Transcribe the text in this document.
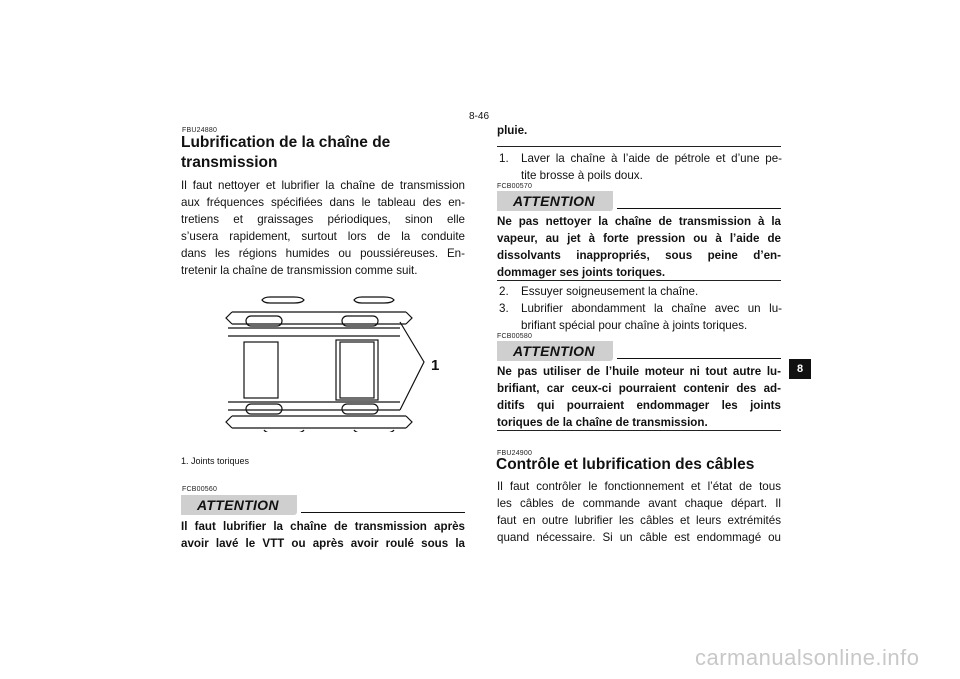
FBU24880
Lubrification de la chaîne de
transmission
Il faut nettoyer et lubrifier la chaîne de transmission
aux fréquences spécifiées dans le tableau des en-
tretiens et graissages périodiques, sinon elle
s’usera rapidement, surtout lors de la conduite
dans les régions humides ou poussiéreuses. En-
tretenir la chaîne de transmission comme suit.
1
1. Joints toriques
FCB00560
ATTENTION
Il faut lubrifier la chaîne de transmission après
avoir lavé le VTT ou après avoir roulé sous la
pluie.
1. Laver la chaîne à l’aide de pétrole et d’une pe-
tite brosse à poils doux.
FCB00570
ATTENTION
Ne pas nettoyer la chaîne de transmission à la
vapeur, au jet à forte pression ou à l’aide de
dissolvants inappropriés, sous peine d’en-
dommager ses joints toriques.
2. Essuyer soigneusement la chaîne.
3. Lubrifier abondamment la chaîne avec un lu-
brifiant spécial pour chaîne à joints toriques.
FCB00580
ATTENTION
Ne pas utiliser de l’huile moteur ni tout autre lu-
brifiant, car ceux-ci pourraient contenir des ad-
ditifs qui pourraient endommager les joints
toriques de la chaîne de transmission.
FBU24900
Contrôle et lubrification des câbles
Il faut contrôler le fonctionnement et l’état de tous
les câbles de commande avant chaque départ. Il
faut en outre lubrifier les câbles et leurs extrémités
quand nécessaire. Si un câble est endommagé ou
8-46
8
carmanualsonline.info
